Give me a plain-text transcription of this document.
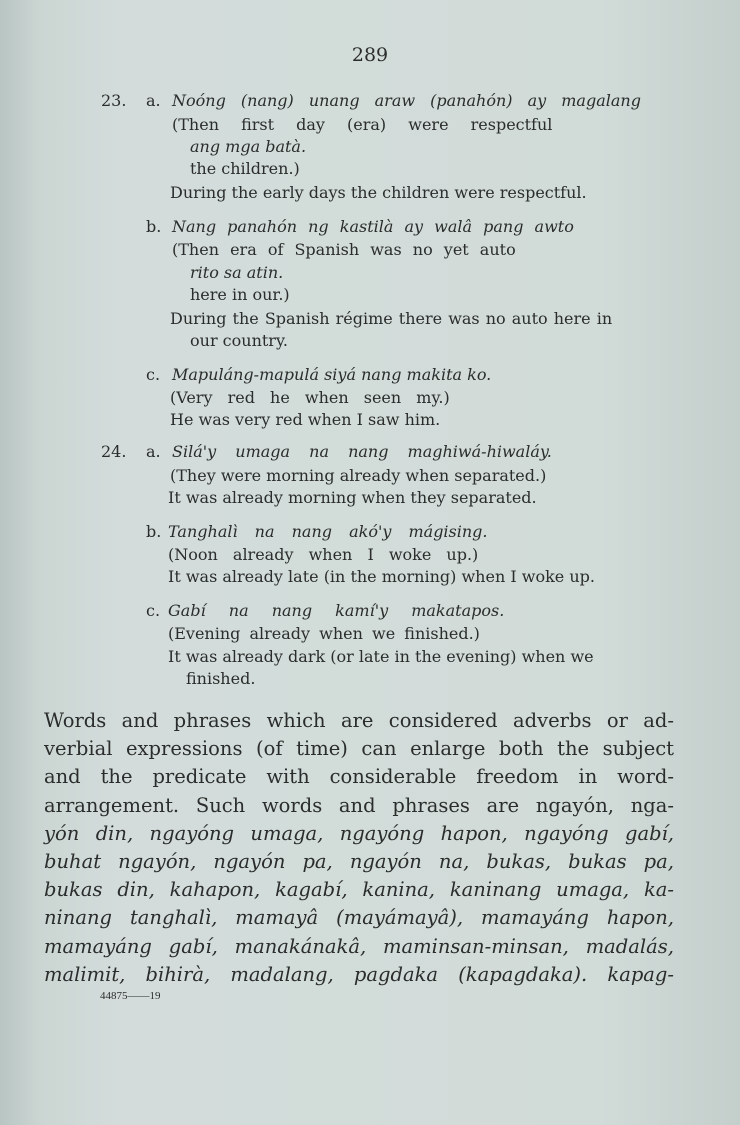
289
23. a. Noóng (nang) unang araw (panahón) ay magalang
(Then first day (era) were respectful
ang mga batà.
the children.)
During the early days the children were respectful.
b. Nang panahón ng kastilà ay walâ pang awto
(Then era of Spanish was no yet auto
rito sa atin.
here in our.)
During the Spanish régime there was no auto here in
our country.
c. Mapuláng-mapulá siyá nang makita ko.
(Very red he when seen my.)
He was very red when I saw him.
24. a. Silá'y umaga na nang maghiwá-hiwaláy.
(They were morning already when separated.)
It was already morning when they separated.
b. Tanghalì na nang akó'y mágising.
(Noon already when I woke up.)
It was already late (in the morning) when I woke up.
c. Gabí na nang kamí'y makatapos.
(Evening already when we finished.)
It was already dark (or late in the evening) when we
finished.
Words and phrases which are considered adverbs or ad-
verbial expressions (of time) can enlarge both the subject
and the predicate with considerable freedom in word-
arrangement. Such words and phrases are ngayón, nga-
yón din, ngayóng umaga, ngayóng hapon, ngayóng gabí,
buhat ngayón, ngayón pa, ngayón na, bukas, bukas pa,
bukas din, kahapon, kagabí, kanina, kaninang umaga, ka-
ninang tanghalì, mamayâ (mayámayâ), mamayáng hapon,
mamayáng gabí, manakánakâ, maminsan-minsan, madalás,
malimit, bihirà, madalang, pagdaka (kapagdaka). kapag-
44875——19
